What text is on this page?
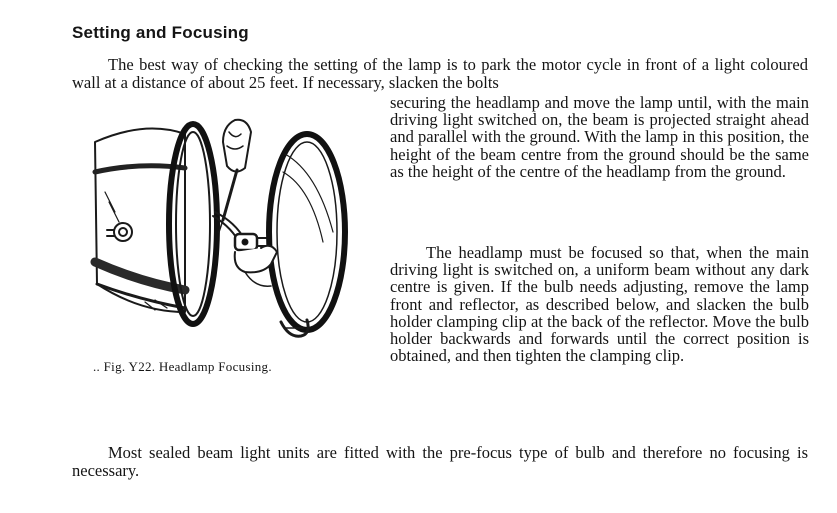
Setting and Focusing

The best way of checking the setting of the lamp is to park the motor cycle in front of a light coloured wall at a distance of about 25 feet. If necessary, slacken the bolts

securing the headlamp and move the lamp until, with the main driving light switched on, the beam is projected straight ahead and parallel with the ground. With the lamp in this position, the height of the beam centre from the ground should be the same as the height of the centre of the headlamp from the ground.

The headlamp must be focused so that, when the main driving light is switched on, a uniform beam without any dark centre is given. If the bulb needs adjusting, remove the lamp front and reflector, as described below, and slacken the bulb holder clamping clip at the back of the reflector. Move the bulb holder backwards and forwards until the correct position is obtained, and then tighten the clamping clip.

Most sealed beam light units are fitted with the pre-focus type of bulb and therefore no focusing is necessary.

.. Fig. Y22. Headlamp Focusing.
